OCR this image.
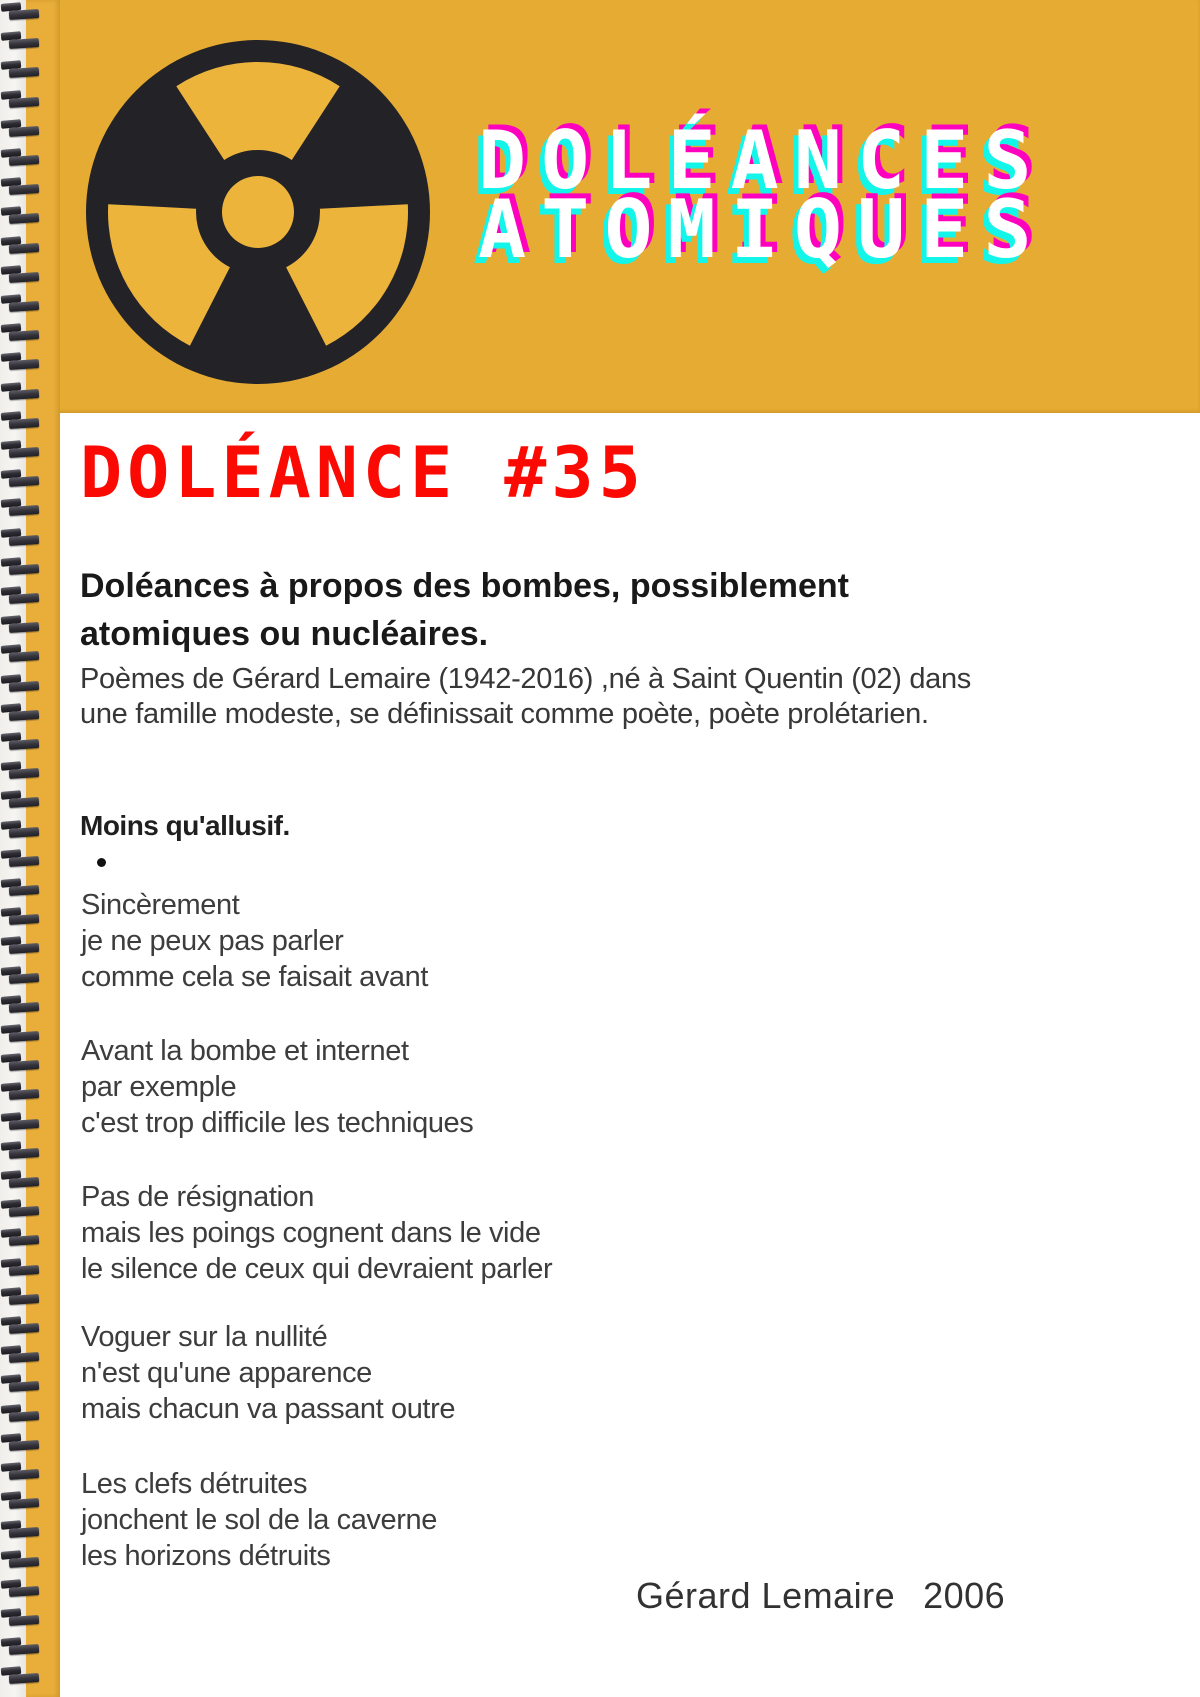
DOLÉANCES
ATOMIQUES
DOLÉANCE #35
Doléances à propos des bombes, possiblement
atomiques ou nucléaires.
Poèmes de Gérard Lemaire (1942-2016) ,né à Saint Quentin (02) dans
une famille modeste, se définissait comme poète, poète prolétarien.
Moins qu'allusif.
Sincèrement
je ne peux pas parler
comme cela se faisait avant
Avant la bombe et internet
par exemple
c'est trop difficile les techniques
Pas de résignation
mais les poings cognent dans le vide
le silence de ceux qui devraient parler
Voguer sur la nullité
n'est qu'une apparence
mais chacun va passant outre
Les clefs détruites
jonchent le sol de la caverne
les horizons détruits
Gérard Lemaire 2006
